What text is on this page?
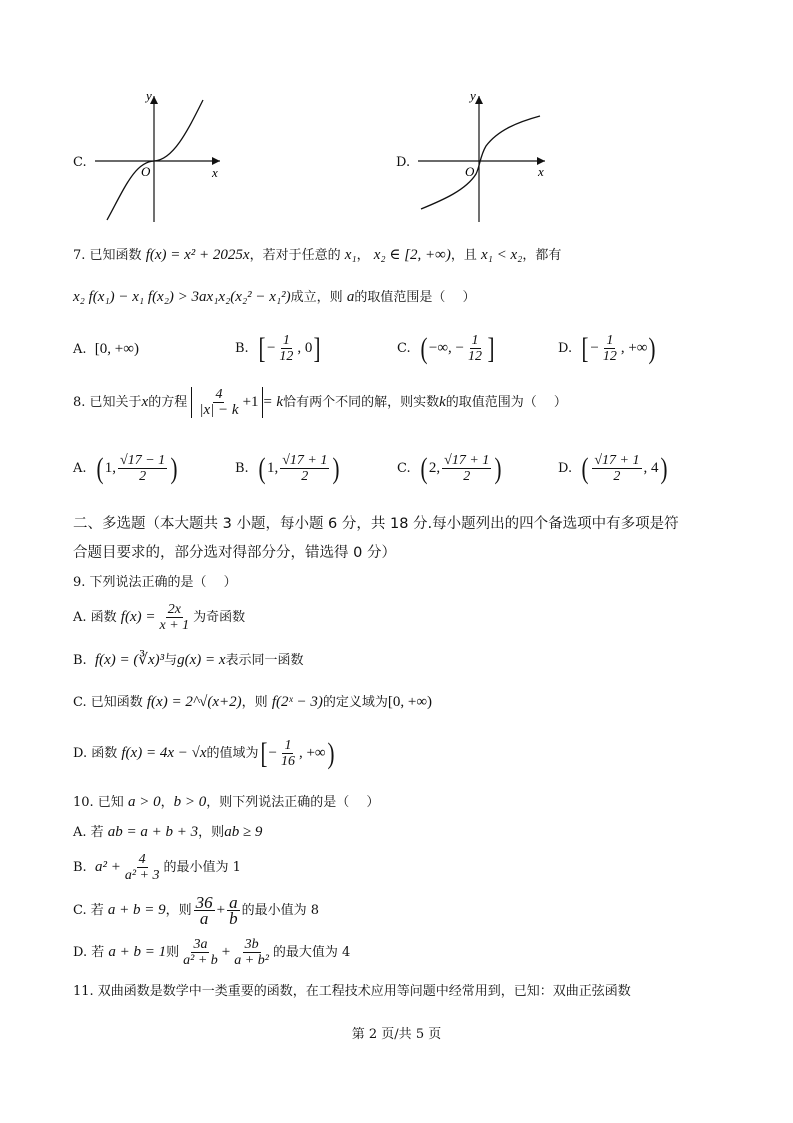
C.
y
x
O
D.
y
x
O
7. 已知函数 f(x) = x² + 2025x，若对于任意的 x₁， x₂ ∈ [2, +∞)，且 x₁ < x₂，都有
x₂ f(x₁) − x₁ f(x₂) > 3ax₁x₂(x₂² − x₁²)成立，则 a的取值范围是（　 ）
A. [0, +∞)	B. [ − $\frac{1}{12}$ , 0]	C. ( −∞, − $\frac{1}{12}$ ]	D. [ − $\frac{1}{12}$ , +∞)
8. 已知关于x的方程 $\frac{4}{|x| - k} +1 = k$恰有两个不同的解，则实数k的取值范围为（　 ）
A. ( 1, $\frac{√17 - 1}{2}$ )	B. ( 1, $\frac{√17 + 1}{2}$ )	C. ( 2, $\frac{√17 + 1}{2}$ )	D. ( $\frac{√17 + 1}{2}$ , 4)
二、多选题（本大题共 3 小题，每小题 6 分，共 18 分.每小题列出的四个备选项中有多项是符
合题目要求的，部分选对得部分分，错选得 0 分）
9. 下列说法正确的是（　 ）
A. 函数 $f(x) = \frac{2x}{x + 1}$ 为奇函数
B. f(x) = (∛x)³与g(x) = x表示同一函数
C. 已知函数 f(x) = 2^√(x+2)，则 f(2ˣ − 3)的定义域为[0, +∞)
D. 函数 f(x) = 4x − √x的值域为[ − $\frac{1}{16}$ , +∞)
10. 已知 a > 0，b > 0，则下列说法正确的是（　 ）
A. 若 ab = a + b + 3，则ab ≥ 9
B. $a^2 + \frac{4}{\text{a² + 3}}$ 的最小值为 1
C. 若 a + b = 9，则 $\frac{36}{a} + \frac{a}{b}$ 的最小值为 8
D. 若 a + b = 1则 $\frac{3a}{\text{a² + b}} + \frac{3b}{\text{a + b²}}$ 的最大值为 4
11. 双曲函数是数学中一类重要的函数，在工程技术应用等问题中经常用到，已知：双曲正弦函数
第 2 页/共 5 页
